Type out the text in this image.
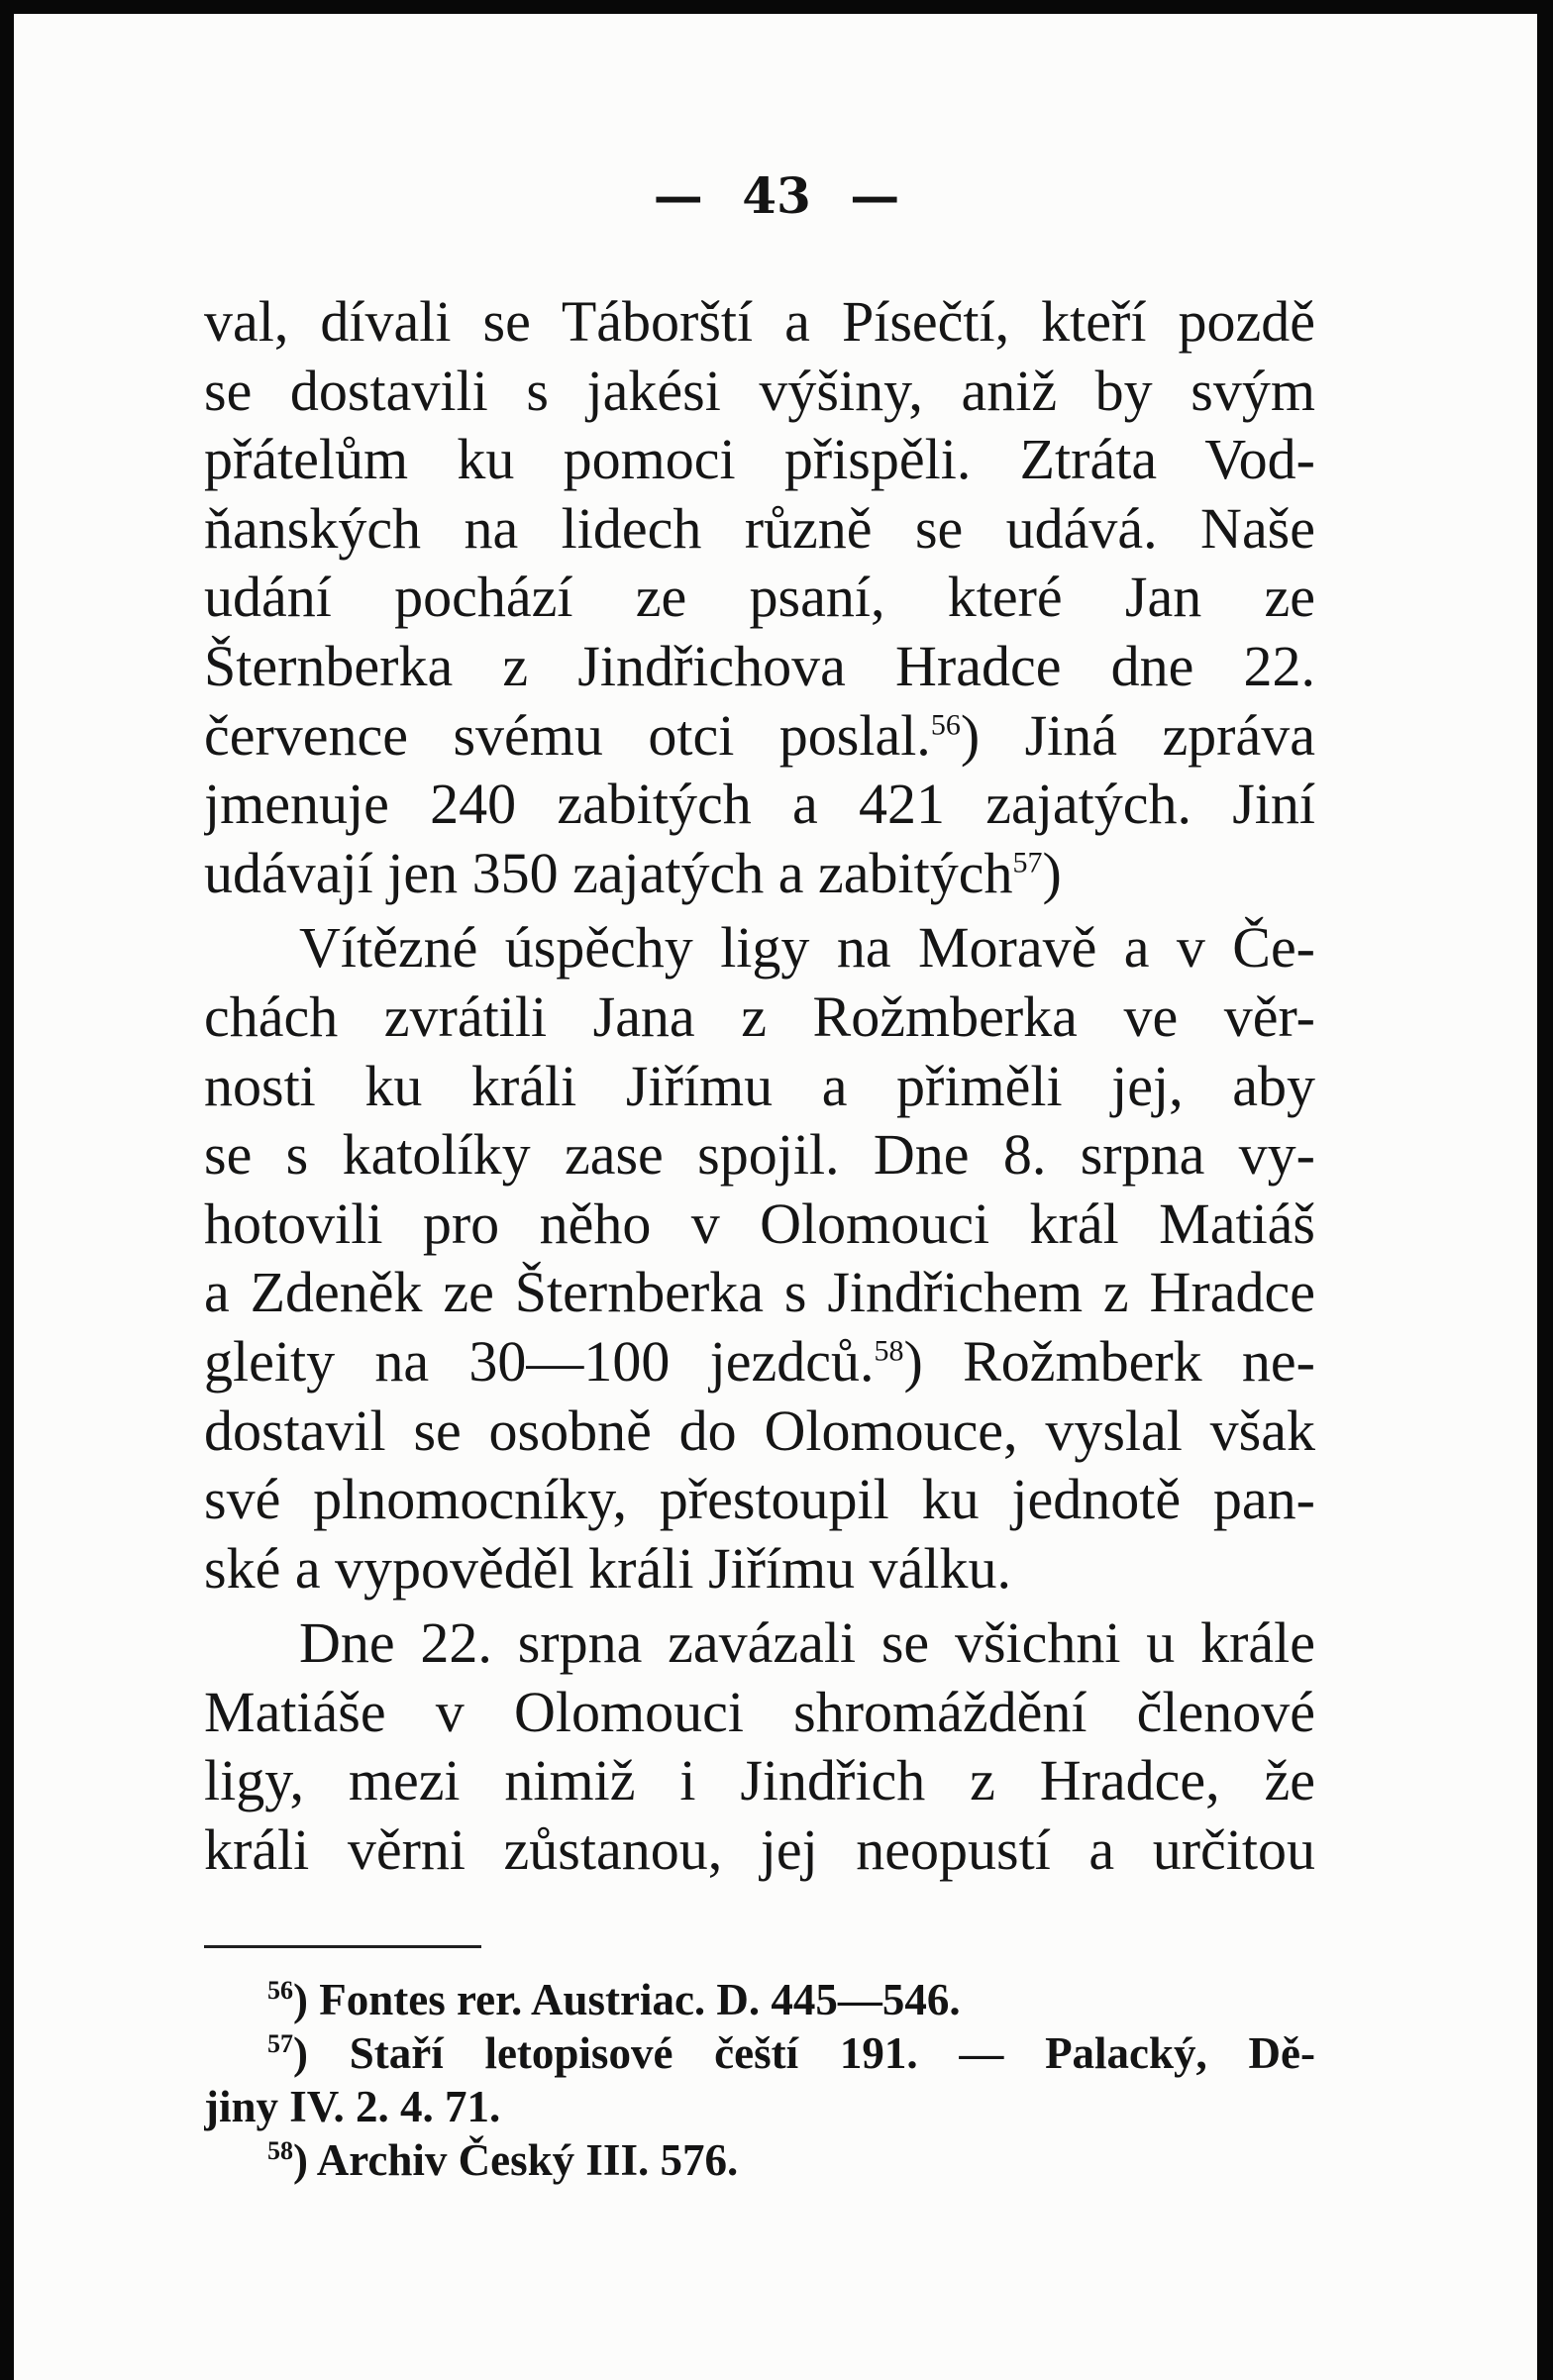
— 43 —
val, dívali se Táborští a Písečtí, kteří pozdě
se dostavili s jakési výšiny, aniž by svým
přátelům ku pomoci přispěli. Ztráta Vod-
ňanských na lidech různě se udává. Naše
udání pochází ze psaní, které Jan ze
Šternberka z Jindřichova Hradce dne 22.
července svému otci poslal.$^{56}$) Jiná zpráva
jmenuje 240 zabitých a 421 zajatých. Jiní
udávají jen 350 zajatých a zabitých$^{57}$)
Vítězné úspěchy ligy na Moravě a v Če-
chách zvrátili Jana z Rožmberka ve věr-
nosti ku králi Jiřímu a přiměli jej, aby
se s katolíky zase spojil. Dne 8. srpna vy-
hotovili pro něho v Olomouci král Matiáš
a Zdeněk ze Šternberka s Jindřichem z Hradce
gleity na 30—100 jezdců.$^{58}$) Rožmberk ne-
dostavil se osobně do Olomouce, vyslal však
své plnomocníky, přestoupil ku jednotě pan-
ské a vypověděl králi Jiřímu válku.
Dne 22. srpna zavázali se všichni u krále
Matiáše v Olomouci shromáždění členové
ligy, mezi nimiž i Jindřich z Hradce, že
králi věrni zůstanou, jej neopustí a určitou
$^{56}$) Fontes rer. Austriac. D. 445—546.
$^{57}$) Staří letopisové čeští 191. — Palacký, Dě-
jiny IV. 2. 4. 71.
$^{58}$) Archiv Český III. 576.
